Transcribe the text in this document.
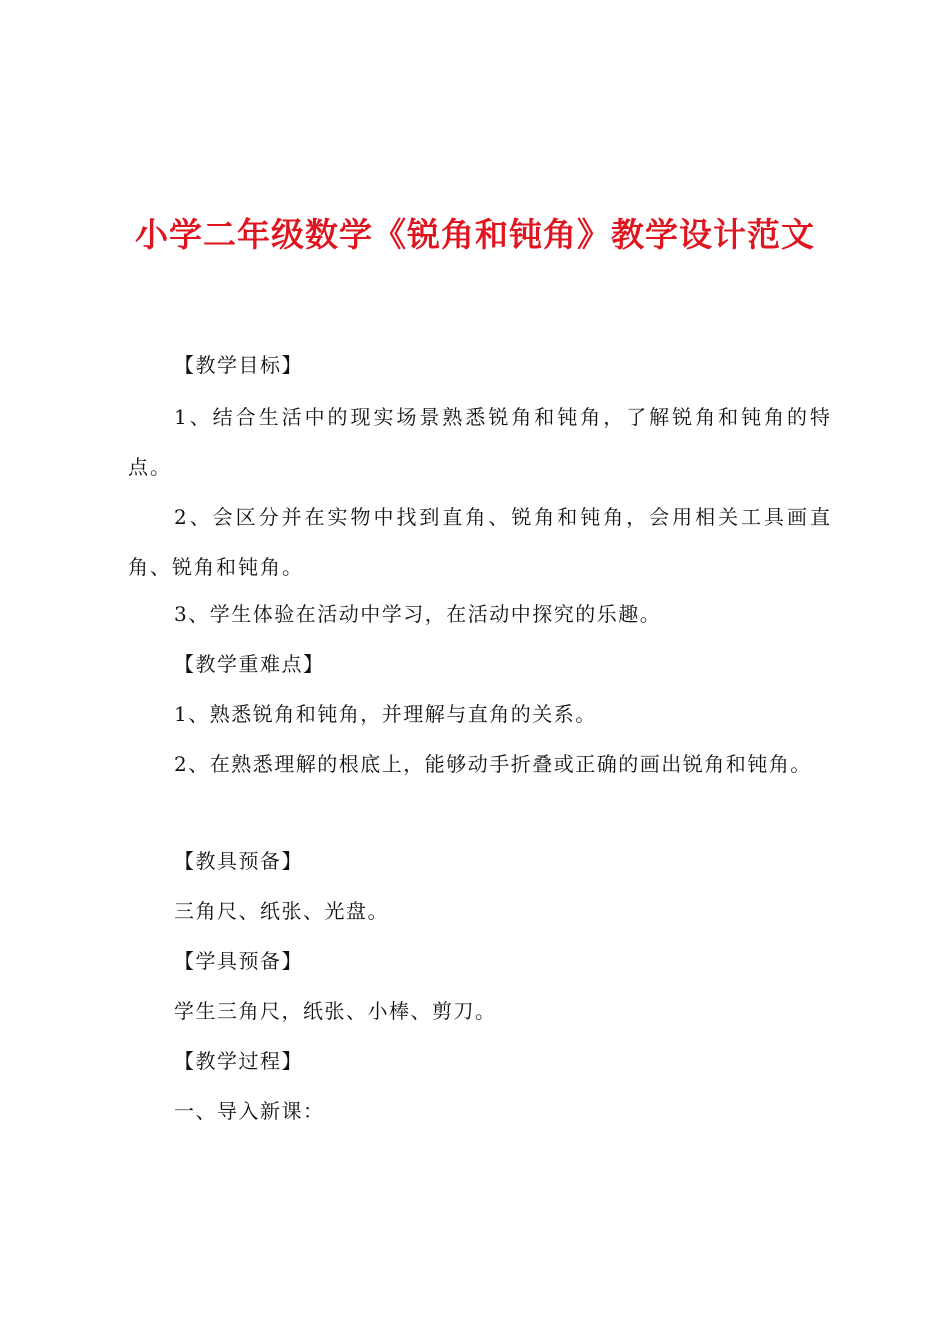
小学二年级数学《锐角和钝角》教学设计范文
【教学目标】
1、结合生活中的现实场景熟悉锐角和钝角，了解锐角和钝角的特点。
2、会区分并在实物中找到直角、锐角和钝角，会用相关工具画直角、锐角和钝角。
3、学生体验在活动中学习，在活动中探究的乐趣。
【教学重难点】
1、熟悉锐角和钝角，并理解与直角的关系。
2、在熟悉理解的根底上，能够动手折叠或正确的画出锐角和钝角。
【教具预备】
三角尺、纸张、光盘。
【学具预备】
学生三角尺，纸张、小棒、剪刀。
【教学过程】
一、导入新课：
